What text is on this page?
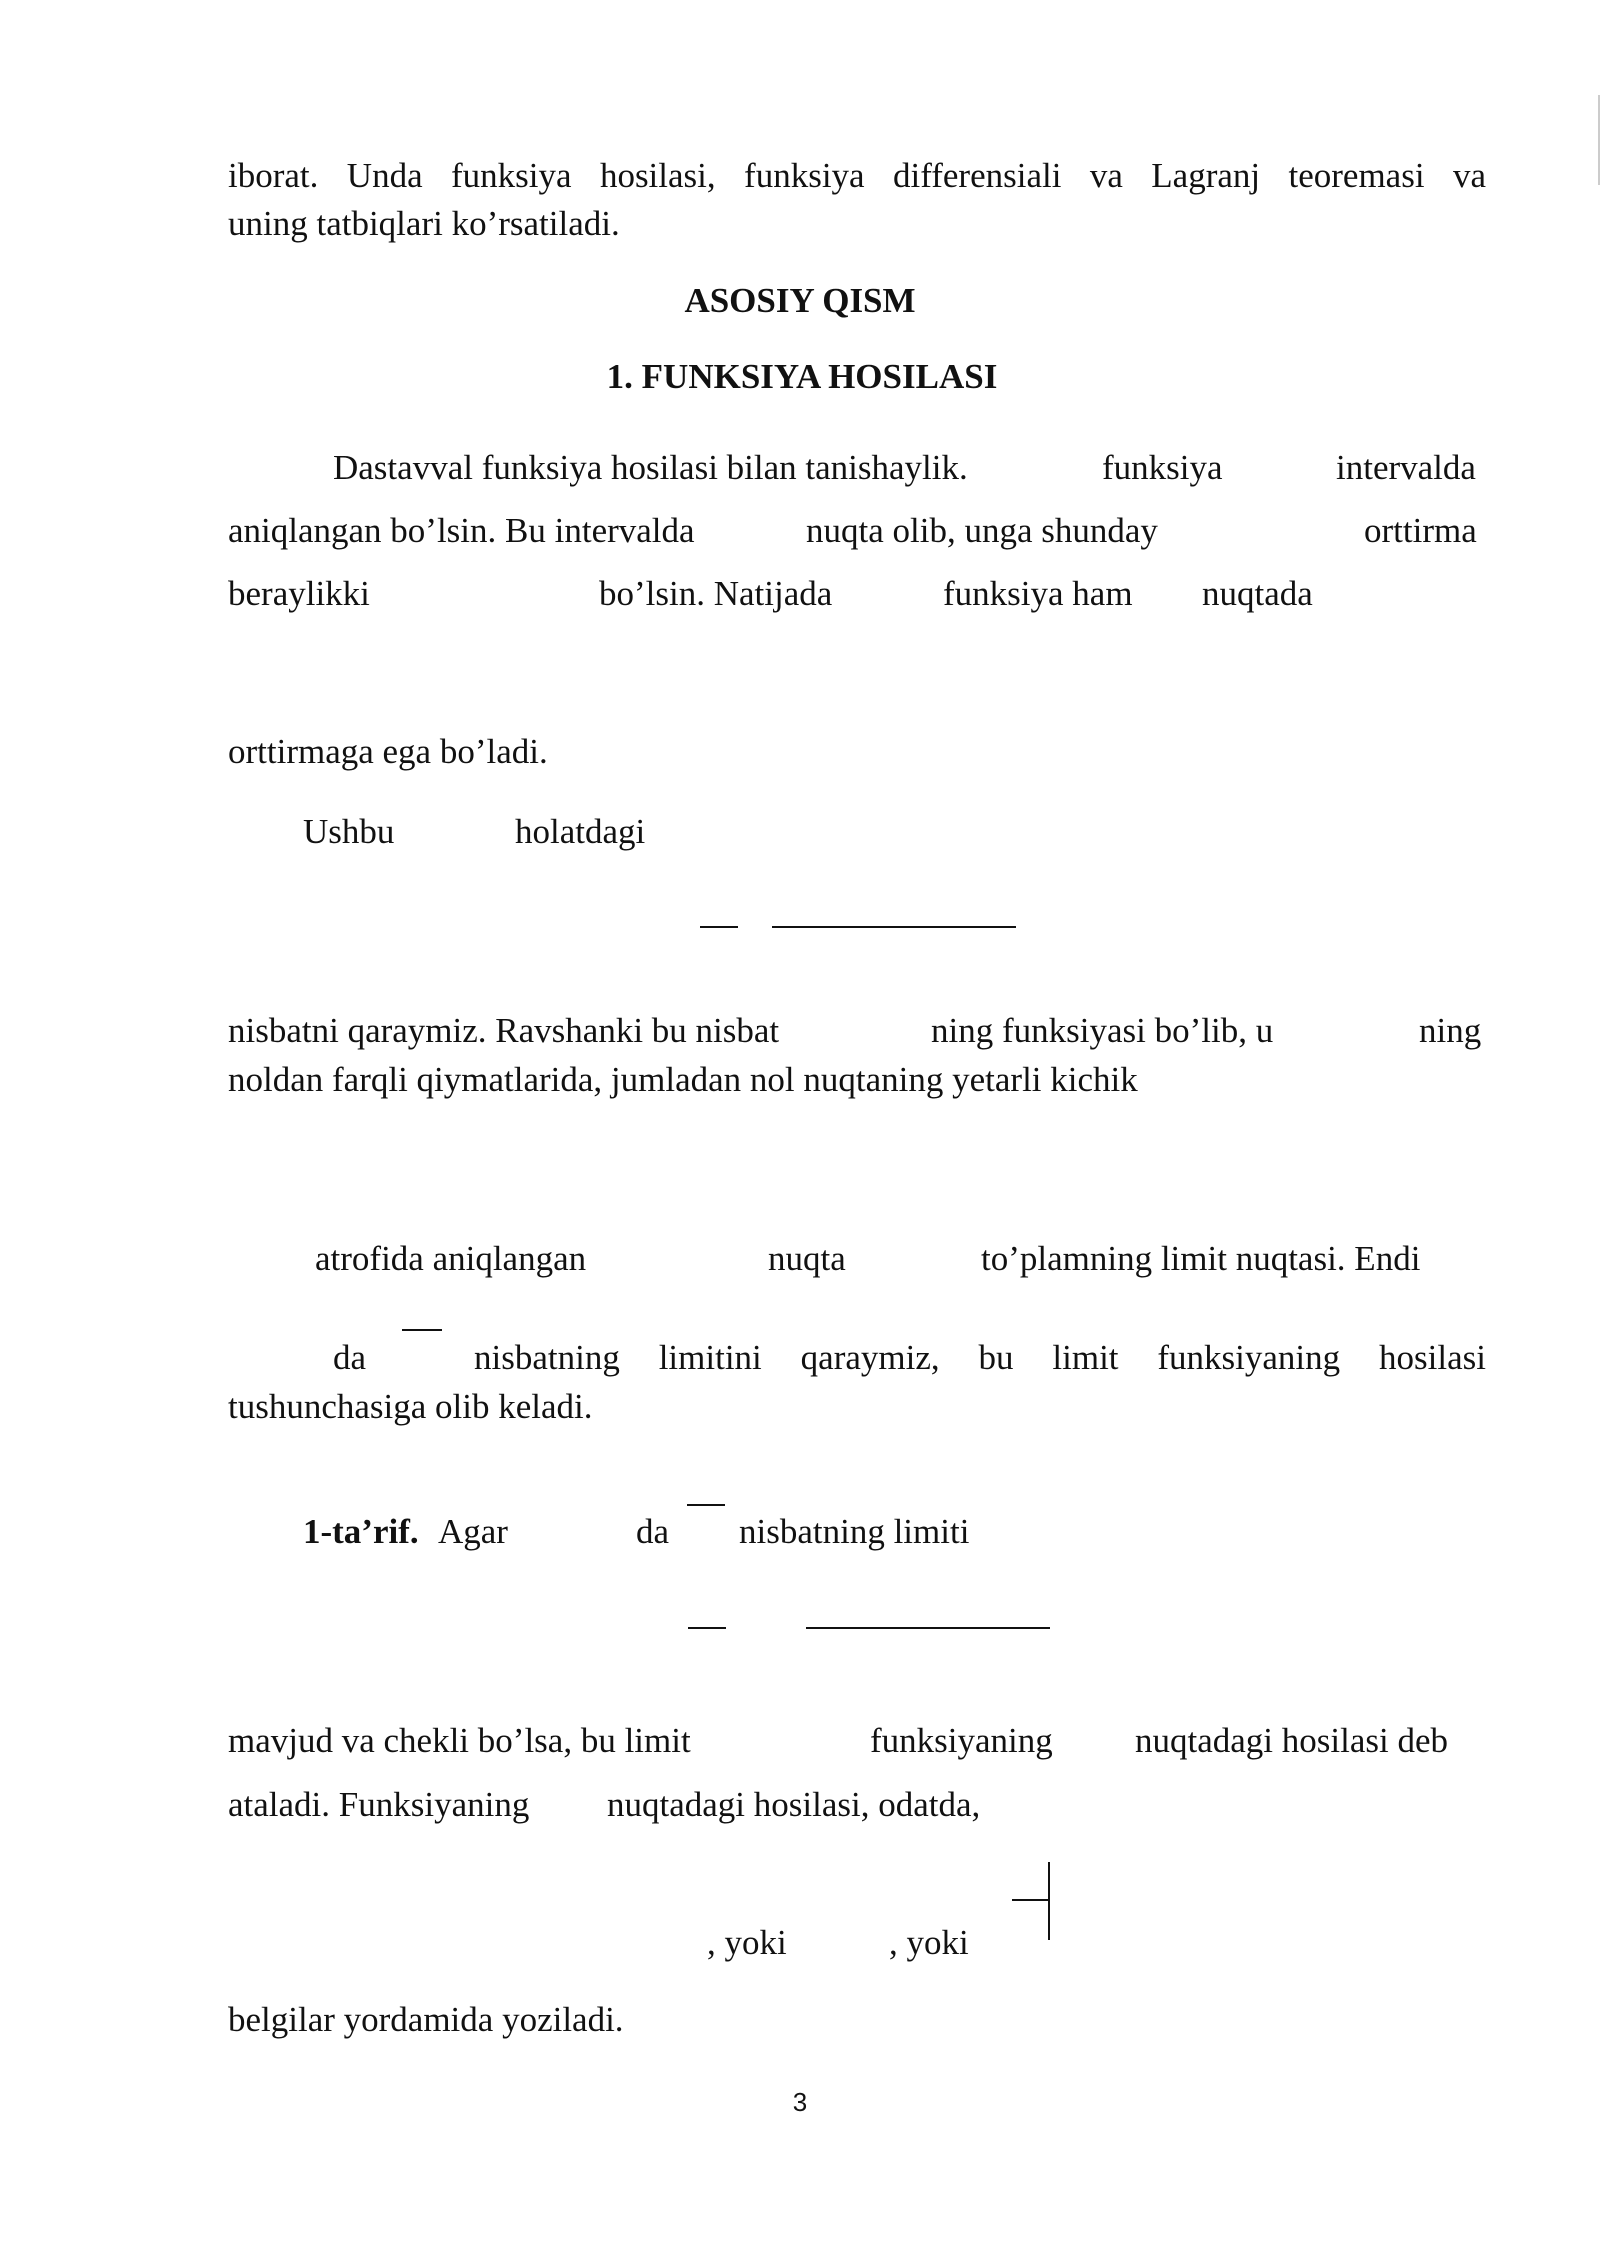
iborat. Unda funksiya hosilasi, funksiya differensiali va Lagranj teoremasi va
uning tatbiqlari ko’rsatiladi.
ASOSIY QISM
1. FUNKSIYA HOSILASI
Dastavval funksiya hosilasi bilan tanishaylik.	funksiya	intervalda
aniqlangan bo’lsin. Bu intervalda	nuqta olib, unga shunday	orttirma
beraylikki	bo’lsin. Natijada	funksiya ham nuqtada
orttirmaga ega bo’ladi.
Ushbu	holatdagi
nisbatni qaraymiz. Ravshanki bu nisbat	ning funksiyasi bo’lib, u	ning
noldan farqli qiymatlarida, jumladan nol nuqtaning yetarli kichik
atrofida aniqlangan	nuqta	to’plamning limit nuqtasi. Endi
da	nisbatning limitini qaraymiz, bu limit funksiyaning hosilasi
tushunchasiga olib keladi.
1-ta’rif. Agar	da nisbatning limiti
mavjud va chekli bo’lsa, bu limit	funksiyaning nuqtadagi hosilasi deb
ataladi. Funksiyaning nuqtadagi hosilasi, odatda,
, yoki	, yoki
belgilar yordamida yoziladi.
3
